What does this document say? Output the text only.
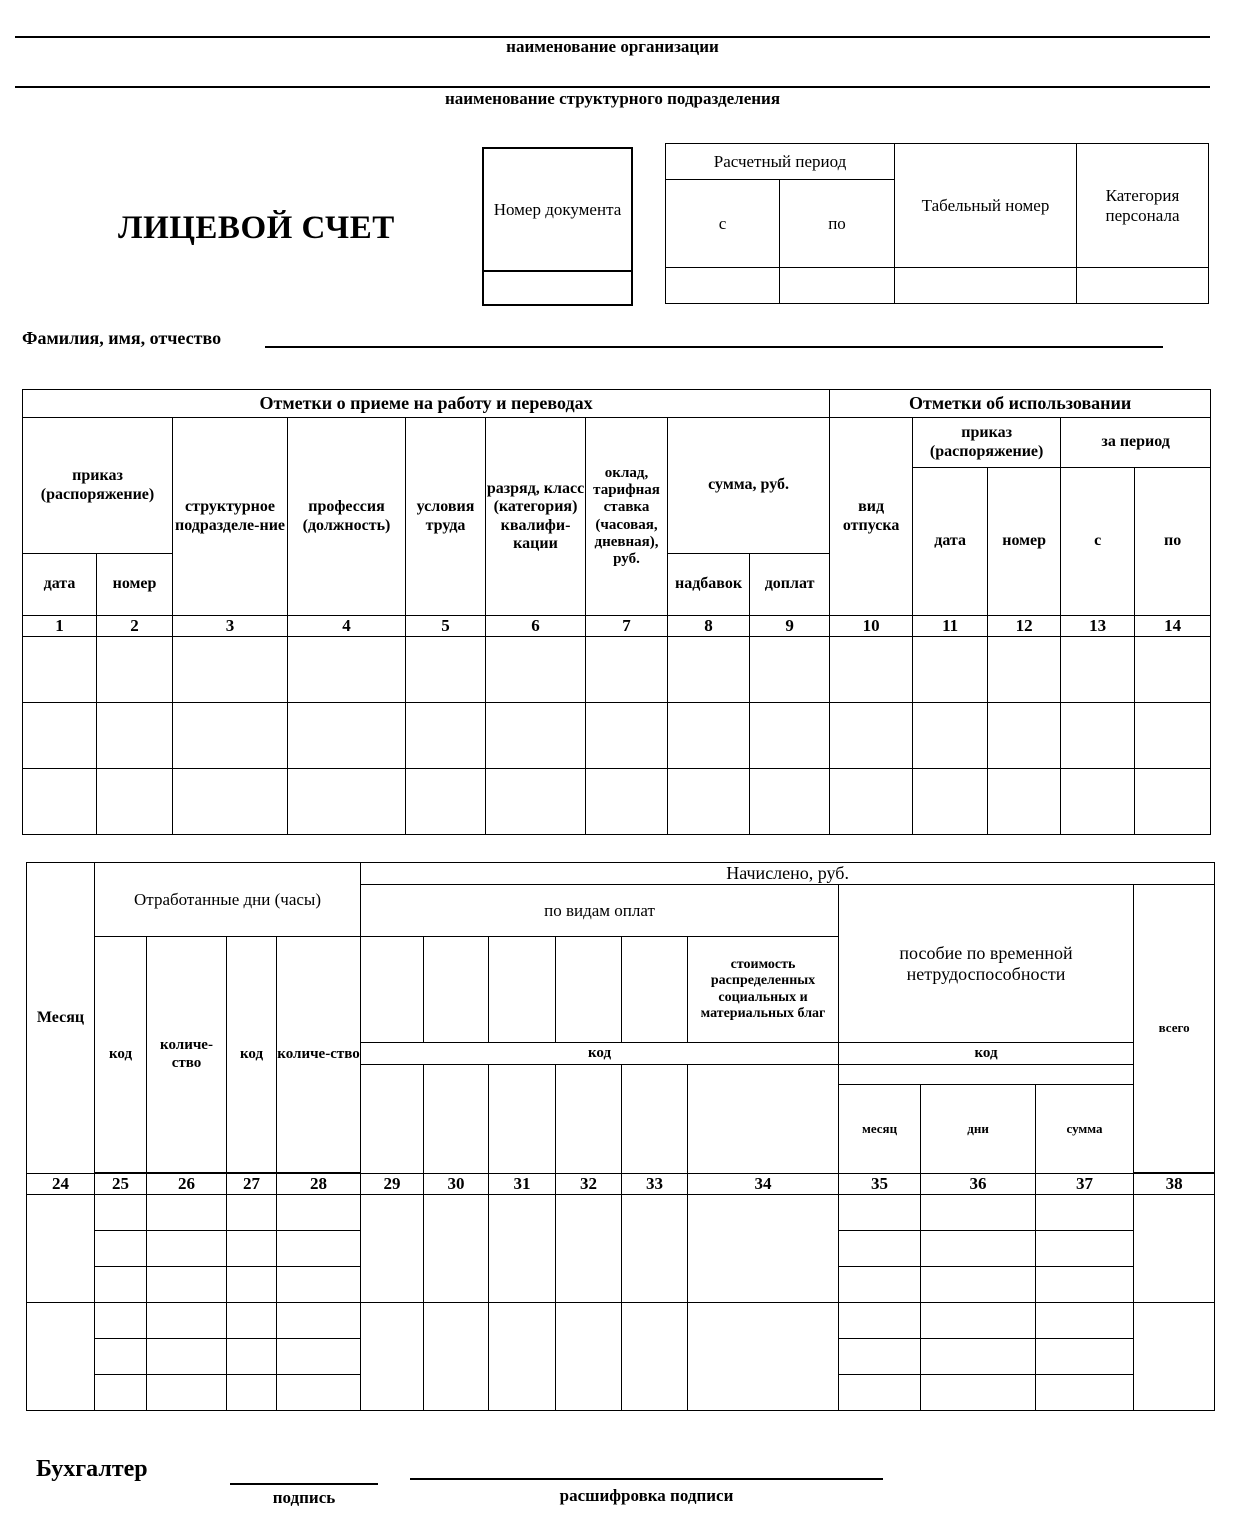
наименование организации
наименование структурного подразделения
ЛИЦЕВОЙ СЧЕТ
Номер документа
Расчетный период		Табельный номер	Категория персонала
с	по		

Фамилия, имя, отчество
Отметки о приеме на работу и переводах									Отметки об использовании				
приказ (распоряжение)		структурное подразделе-ние	профессия (должность)	условия труда	разряд, класс (категория) квалифи-кации	оклад, тарифная ставка (часовая, дневная), руб.	сумма, руб.		вид отпуска	приказ (распоряжение)		за период	
										дата	номер	с	по
дата	номер						надбавок	доплат					
1	2	3	4	5	6	7	8	9	10	11	12	13	14

Месяц	Отработанные дни (часы)				Начислено, руб.									
					по видам оплат						пособие по временной нетрудоспособности			всего
	код	количе-ство	код	количе-ство						стоимость распределенных социальных и материальных благ				
					код						код			

											месяц	дни	сумма	

24	25	26	27	28	29	30	31	32	33	34	35	36	37	38

Бухгалтер
подпись	расшифровка подписи
